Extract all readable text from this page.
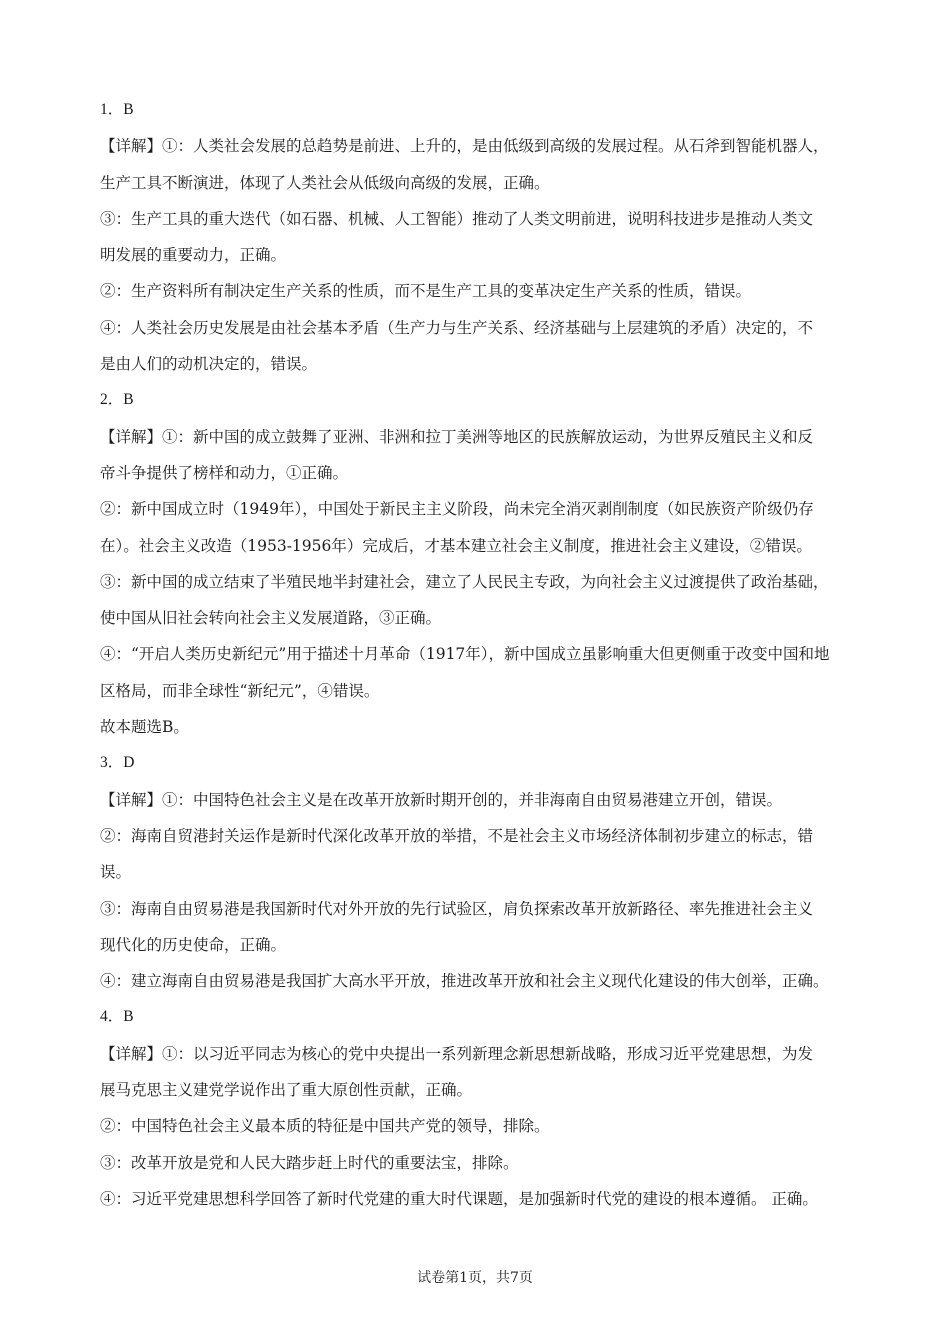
1．B
【详解】①：人类社会发展的总趋势是前进、上升的，是由低级到高级的发展过程。从石斧到智能机器人，
生产工具不断演进，体现了人类社会从低级向高级的发展，正确。
③：生产工具的重大迭代（如石器、机械、人工智能）推动了人类文明前进，说明科技进步是推动人类文
明发展的重要动力，正确。
②：生产资料所有制决定生产关系的性质，而不是生产工具的变革决定生产关系的性质，错误。
④：人类社会历史发展是由社会基本矛盾（生产力与生产关系、经济基础与上层建筑的矛盾）决定的，不
是由人们的动机决定的，错误。
2．B
【详解】①：新中国的成立鼓舞了亚洲、非洲和拉丁美洲等地区的民族解放运动，为世界反殖民主义和反
帝斗争提供了榜样和动力，①正确。
②：新中国成立时（1949年），中国处于新民主主义阶段，尚未完全消灭剥削制度（如民族资产阶级仍存
在）。社会主义改造（1953-1956年）完成后，才基本建立社会主义制度，推进社会主义建设，②错误。
③：新中国的成立结束了半殖民地半封建社会，建立了人民民主专政，为向社会主义过渡提供了政治基础，
使中国从旧社会转向社会主义发展道路，③正确。
④：“开启人类历史新纪元”用于描述十月革命（1917年），新中国成立虽影响重大但更侧重于改变中国和地
区格局，而非全球性“新纪元”，④错误。
故本题选B。
3．D
【详解】①：中国特色社会主义是在改革开放新时期开创的，并非海南自由贸易港建立开创，错误。
②：海南自贸港封关运作是新时代深化改革开放的举措，不是社会主义市场经济体制初步建立的标志，错
误。
③：海南自由贸易港是我国新时代对外开放的先行试验区，肩负探索改革开放新路径、率先推进社会主义
现代化的历史使命，正确。
④：建立海南自由贸易港是我国扩大高水平开放，推进改革开放和社会主义现代化建设的伟大创举，正确。
4．B
【详解】①：以习近平同志为核心的党中央提出一系列新理念新思想新战略，形成习近平党建思想，为发
展马克思主义建党学说作出了重大原创性贡献，正确。
②：中国特色社会主义最本质的特征是中国共产党的领导，排除。
③：改革开放是党和人民大踏步赶上时代的重要法宝，排除。
④：习近平党建思想科学回答了新时代党建的重大时代课题，是加强新时代党的建设的根本遵循。 正确。
试卷第1页，共7页
